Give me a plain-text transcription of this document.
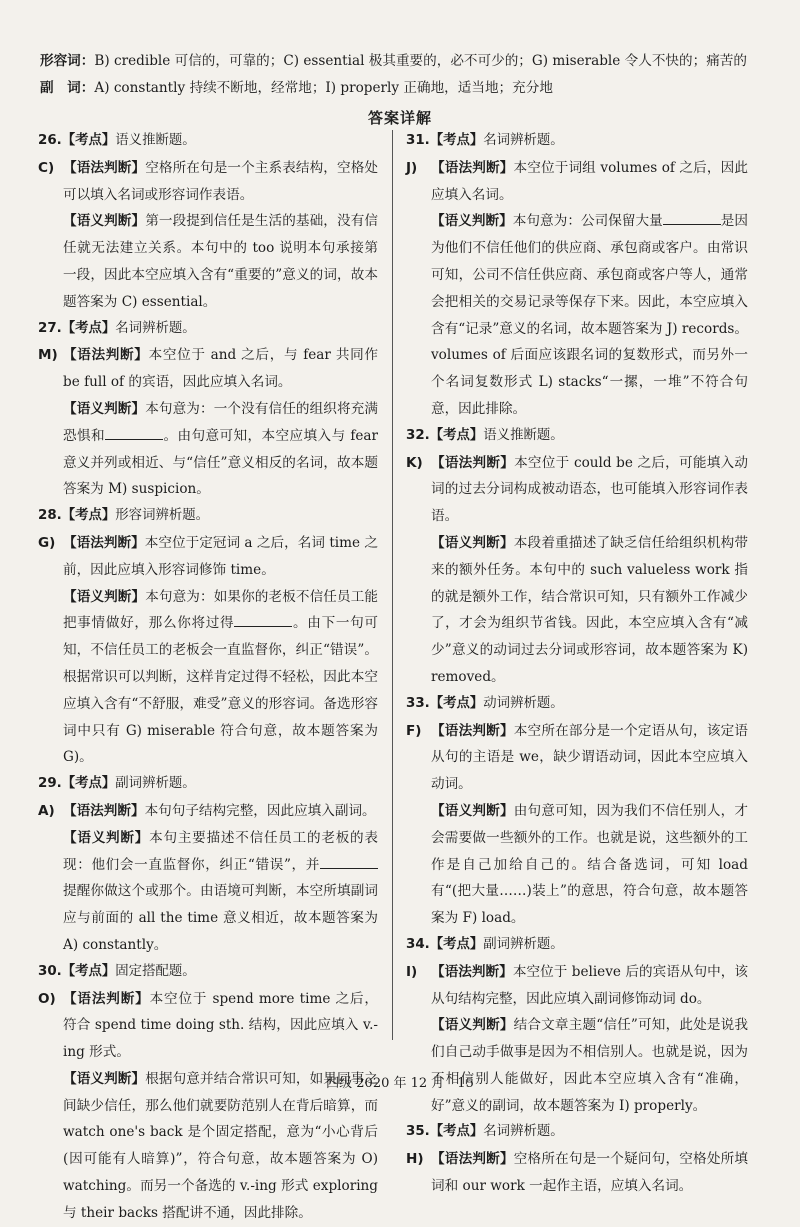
形容词：B) credible 可信的，可靠的；C) essential 极其重要的，必不可少的；G) miserable 令人不快的；痛苦的
副　词：A) constantly 持续不断地，经常地；I) properly 正确地，适当地；充分地
答案详解
26.【考点】语义推断题。
C) 【语法判断】空格所在句是一个主系表结构，空格处可以填入名词或形容词作表语。

【语义判断】第一段提到信任是生活的基础，没有信任就无法建立关系。本句中的 too 说明本句承接第一段，因此本空应填入含有“重要的”意义的词，故本题答案为 C) essential。

27.【考点】名词辨析题。
M) 【语法判断】本空位于 and 之后，与 fear 共同作 be full of 的宾语，因此应填入名词。

【语义判断】本句意为：一个没有信任的组织将充满恐惧和	。由句意可知，本空应填入与 fear 意义并列或相近、与“信任”意义相反的名词，故本题答案为 M) suspicion。

28.【考点】形容词辨析题。
G) 【语法判断】本空位于定冠词 a 之后，名词 time 之前，因此应填入形容词修饰 time。

【语义判断】本句意为：如果你的老板不信任员工能把事情做好，那么你将过得	。由下一句可知，不信任员工的老板会一直监督你，纠正“错误”。根据常识可以判断，这样肯定过得不轻松，因此本空应填入含有“不舒服，难受”意义的形容词。备选形容词中只有 G) miserable 符合句意，故本题答案为 G)。

29.【考点】副词辨析题。
A) 【语法判断】本句句子结构完整，因此应填入副词。

【语义判断】本句主要描述不信任员工的老板的表现：他们会一直监督你，纠正“错误”，并提醒你做这个或那个。由语境可判断，本空所填副词应与前面的 all the time 意义相近，故本题答案为 A) constantly。

30.【考点】固定搭配题。
O) 【语法判断】本空位于 spend more time 之后，符合 spend time doing sth. 结构，因此应填入 v.-ing 形式。

【语义判断】根据句意并结合常识可知，如果同事之间缺少信任，那么他们就要防范别人在背后暗算，而 watch one's back 是个固定搭配，意为“小心背后(因可能有人暗算)”，符合句意，故本题答案为 O) watching。而另一个备选的 v.-ing 形式 exploring 与 their backs 搭配讲不通，因此排除。

31.【考点】名词辨析题。
J)	【语法判断】本空位于词组 volumes of 之后，因此应填入名词。

【语义判断】本句意为：公司保留大量	是因为他们不信任他们的供应商、承包商或客户。由常识可知，公司不信任供应商、承包商或客户等人，通常会把相关的交易记录等保存下来。因此，本空应填入含有“记录”意义的名词，故本题答案为 J) records。volumes of 后面应该跟名词的复数形式，而另外一个名词复数形式 L) stacks“一摞，一堆”不符合句意，因此排除。

32.【考点】语义推断题。
K) 【语法判断】本空位于 could be 之后，可能填入动词的过去分词构成被动语态，也可能填入形容词作表语。

【语义判断】本段着重描述了缺乏信任给组织机构带来的额外任务。本句中的 such valueless work 指的就是额外工作，结合常识可知，只有额外工作减少了，才会为组织节省钱。因此，本空应填入含有“减少”意义的动词过去分词或形容词，故本题答案为 K) removed。

33.【考点】动词辨析题。
F) 【语法判断】本空所在部分是一个定语从句，该定语从句的主语是 we，缺少谓语动词，因此本空应填入动词。

【语义判断】由句意可知，因为我们不信任别人，才会需要做一些额外的工作。也就是说，这些额外的工作是自己加给自己的。结合备选词，可知 load 有“(把大量……)装上”的意思，符合句意，故本题答案为 F) load。

34.【考点】副词辨析题。
I)	【语法判断】本空位于 believe 后的宾语从句中，该从句结构完整，因此应填入副词修饰动词 do。

【语义判断】结合文章主题“信任”可知，此处是说我们自己动手做事是因为不相信别人。也就是说，因为不相信别人能做好，因此本空应填入含有“准确，好”意义的副词，故本题答案为 I) properly。

35.【考点】名词辨析题。
H) 【语法判断】空格所在句是一个疑问句，空格处所填词和 our work 一起作主语，应填入名词。
四级 2020 年 12 月　15
